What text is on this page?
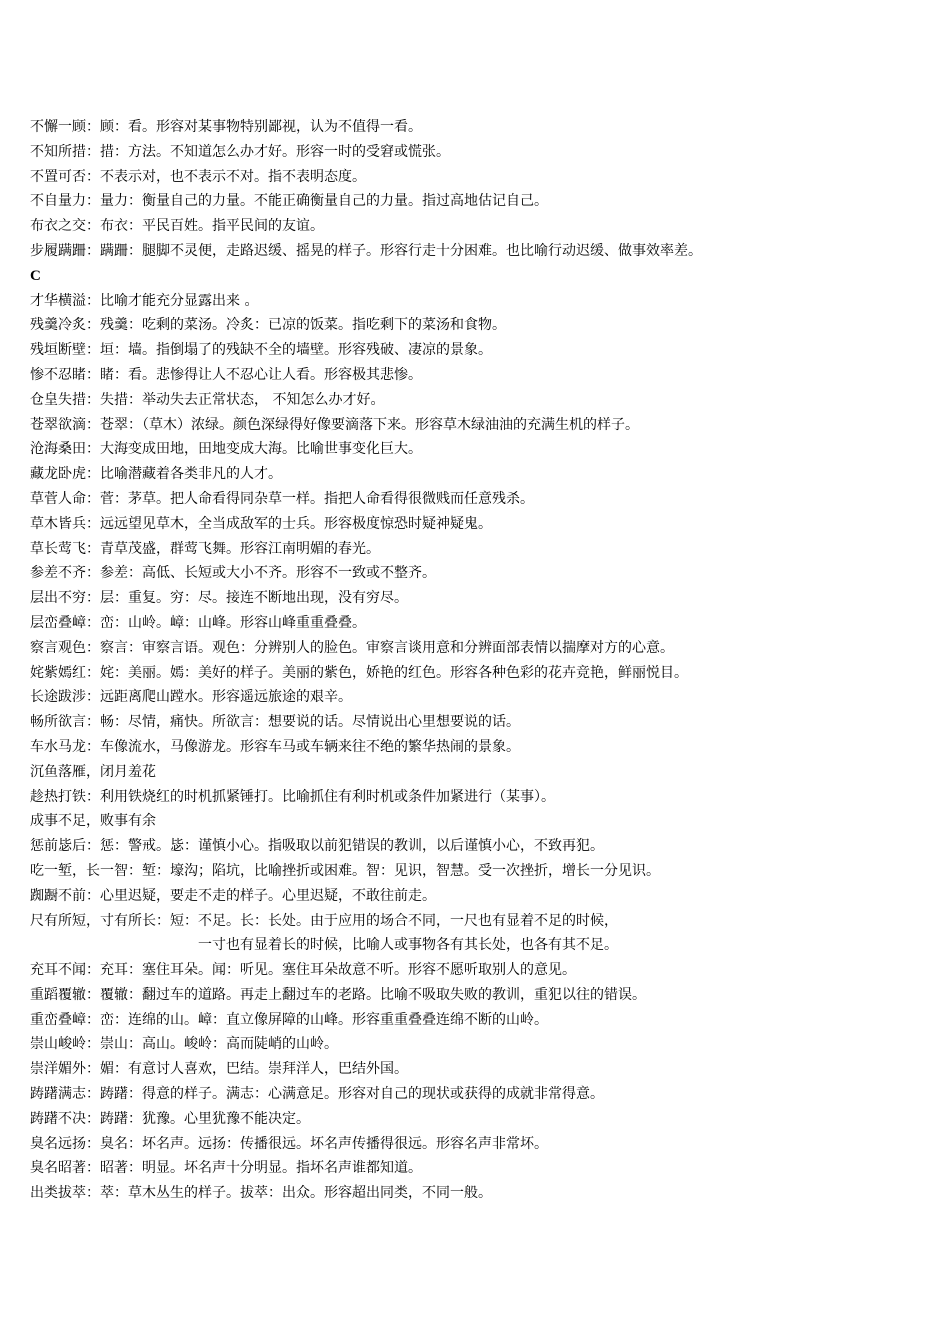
不懈一顾：顾：看。形容对某事物特别鄙视，认为不值得一看。
不知所措：措：方法。不知道怎么办才好。形容一时的受窘或慌张。
不置可否：不表示对，也不表示不对。指不表明态度。
不自量力：量力：衡量自己的力量。不能正确衡量自己的力量。指过高地估记自己。
布衣之交：布衣：平民百姓。指平民间的友谊。
步履蹒跚：蹒跚：腿脚不灵便，走路迟缓、摇晃的样子。形容行走十分困难。也比喻行动迟缓、做事效率差。
C
才华横溢：比喻才能充分显露出来 。
残羹冷炙：残羹：吃剩的菜汤。冷炙：已凉的饭菜。指吃剩下的菜汤和食物。
残垣断壁：垣：墙。指倒塌了的残缺不全的墙壁。形容残破、凄凉的景象。
惨不忍睹：睹：看。悲惨得让人不忍心让人看。形容极其悲惨。
仓皇失措：失措：举动失去正常状态， 不知怎么办才好。
苍翠欲滴：苍翠：（草木）浓绿。颜色深绿得好像要滴落下来。形容草木绿油油的充满生机的样子。
沧海桑田：大海变成田地，田地变成大海。比喻世事变化巨大。
藏龙卧虎：比喻潜藏着各类非凡的人才。
草菅人命：菅：茅草。把人命看得同杂草一样。指把人命看得很微贱而任意残杀。
草木皆兵：远远望见草木，全当成敌军的士兵。形容极度惊恐时疑神疑鬼。
草长莺飞：青草茂盛，群莺飞舞。形容江南明媚的春光。
参差不齐：参差：高低、长短或大小不齐。形容不一致或不整齐。
层出不穷：层：重复。穷：尽。接连不断地出现，没有穷尽。
层峦叠嶂：峦：山岭。嶂：山峰。形容山峰重重叠叠。
察言观色：察言：审察言语。观色：分辨别人的脸色。审察言谈用意和分辨面部表情以揣摩对方的心意。
姹紫嫣红：姹：美丽。嫣：美好的样子。美丽的紫色，娇艳的红色。形容各种色彩的花卉竞艳，鲜丽悦目。
长途跋涉：远距离爬山蹚水。形容遥远旅途的艰辛。
畅所欲言：畅：尽情，痛快。所欲言：想要说的话。尽情说出心里想要说的话。
车水马龙：车像流水，马像游龙。形容车马或车辆来往不绝的繁华热闹的景象。
沉鱼落雁，闭月羞花
趁热打铁：利用铁烧红的时机抓紧锤打。比喻抓住有利时机或条件加紧进行（某事）。
成事不足，败事有余
惩前毖后：惩：警戒。毖：谨慎小心。指吸取以前犯错误的教训，以后谨慎小心，不致再犯。
吃一堑，长一智：堑：壕沟；陷坑，比喻挫折或困难。智：见识，智慧。受一次挫折，增长一分见识。
踟蹰不前：心里迟疑，要走不走的样子。心里迟疑，不敢往前走。
尺有所短，寸有所长：短：不足。长：长处。由于应用的场合不同，一尺也有显着不足的时候，
一寸也有显着长的时候，比喻人或事物各有其长处，也各有其不足。
充耳不闻：充耳：塞住耳朵。闻：听见。塞住耳朵故意不听。形容不愿听取别人的意见。
重蹈覆辙：覆辙：翻过车的道路。再走上翻过车的老路。比喻不吸取失败的教训，重犯以往的错误。
重峦叠嶂：峦：连绵的山。嶂：直立像屏障的山峰。形容重重叠叠连绵不断的山岭。
崇山峻岭：崇山：高山。峻岭：高而陡峭的山岭。
崇洋媚外：媚：有意讨人喜欢，巴结。崇拜洋人，巴结外国。
踌躇满志：踌躇：得意的样子。满志：心满意足。形容对自己的现状或获得的成就非常得意。
踌躇不决：踌躇：犹豫。心里犹豫不能决定。
臭名远扬：臭名：坏名声。远扬：传播很远。坏名声传播得很远。形容名声非常坏。
臭名昭著：昭著：明显。坏名声十分明显。指坏名声谁都知道。
出类拔萃：萃：草木丛生的样子。拔萃：出众。形容超出同类，不同一般。
